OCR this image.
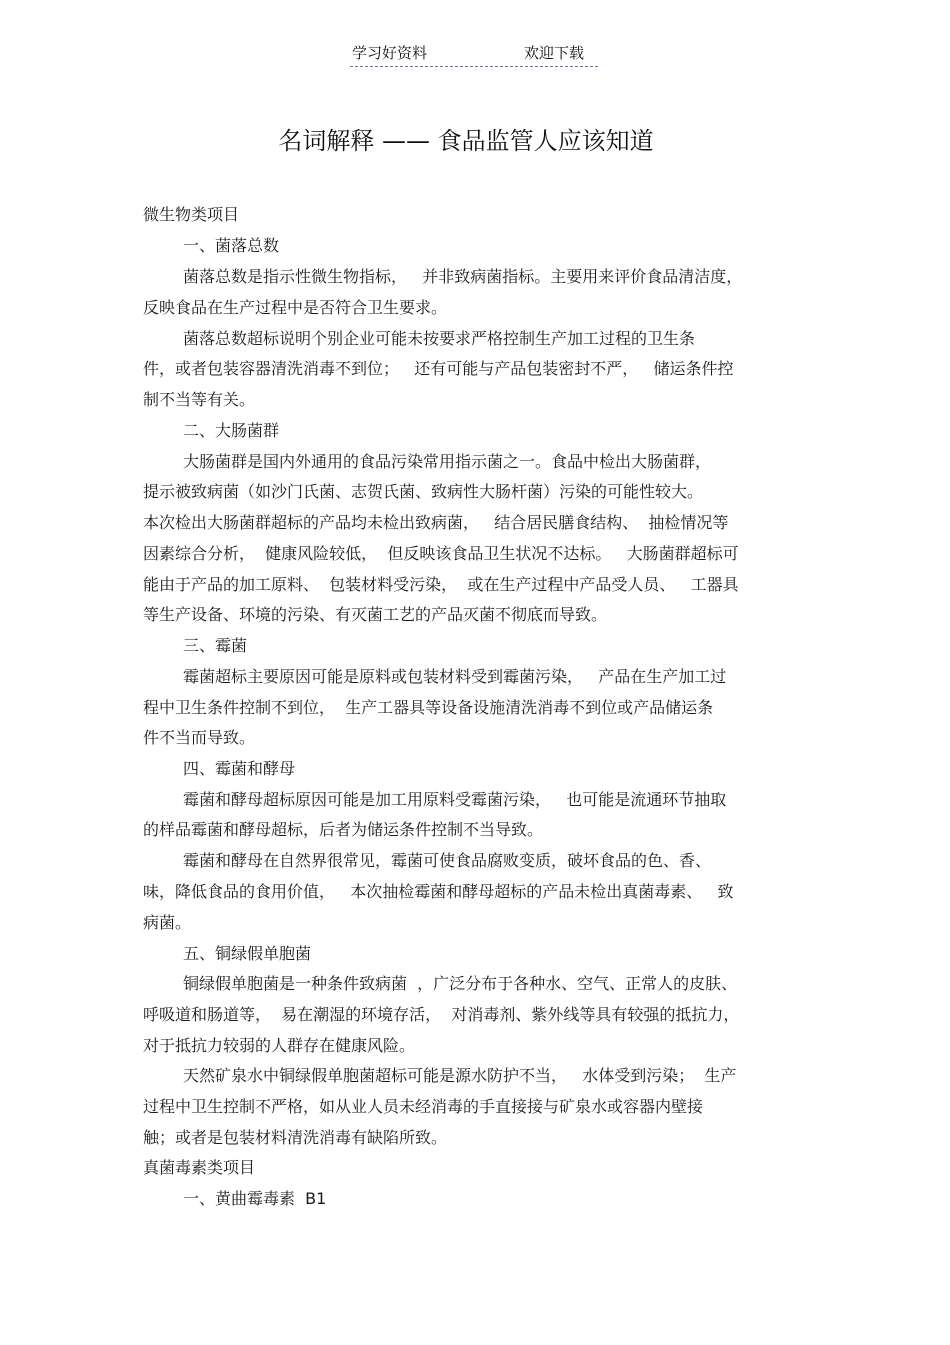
学习好资料	欢迎下载
名词解释 —— 食品监管人应该知道
微生物类项目
一、菌落总数
菌落总数是指示性微生物指标，   并非致病菌指标。主要用来评价食品清洁度，
反映食品在生产过程中是否符合卫生要求。
菌落总数超标说明个别企业可能未按要求严格控制生产加工过程的卫生条
件，或者包装容器清洗消毒不到位；   还有可能与产品包装密封不严，   储运条件控
制不当等有关。
二、大肠菌群
大肠菌群是国内外通用的食品污染常用指示菌之一。食品中检出大肠菌群，
提示被致病菌（如沙门氏菌、志贺氏菌、致病性大肠杆菌）污染的可能性较大。
本次检出大肠菌群超标的产品均未检出致病菌，   结合居民膳食结构、  抽检情况等
因素综合分析，  健康风险较低，  但反映该食品卫生状况不达标。   大肠菌群超标可
能由于产品的加工原料、  包装材料受污染，  或在生产过程中产品受人员、   工器具
等生产设备、环境的污染、有灭菌工艺的产品灭菌不彻底而导致。
三、霉菌
霉菌超标主要原因可能是原料或包装材料受到霉菌污染，   产品在生产加工过
程中卫生条件控制不到位，  生产工器具等设备设施清洗消毒不到位或产品储运条
件不当而导致。
四、霉菌和酵母
霉菌和酵母超标原因可能是加工用原料受霉菌污染，   也可能是流通环节抽取
的样品霉菌和酵母超标，后者为储运条件控制不当导致。
霉菌和酵母在自然界很常见，霉菌可使食品腐败变质，破坏食品的色、香、
味，降低食品的食用价值，   本次抽检霉菌和酵母超标的产品未检出真菌毒素、   致
病菌。
五、铜绿假单胞菌
铜绿假单胞菌是一种条件致病菌  ，广泛分布于各种水、空气、正常人的皮肤、
呼吸道和肠道等，  易在潮湿的环境存活，  对消毒剂、紫外线等具有较强的抵抗力，
对于抵抗力较弱的人群存在健康风险。
天然矿泉水中铜绿假单胞菌超标可能是源水防护不当，   水体受到污染；  生产
过程中卫生控制不严格，如从业人员未经消毒的手直接接与矿泉水或容器内壁接
触；或者是包装材料清洗消毒有缺陷所致。
真菌毒素类项目
一、黄曲霉毒素  B1
